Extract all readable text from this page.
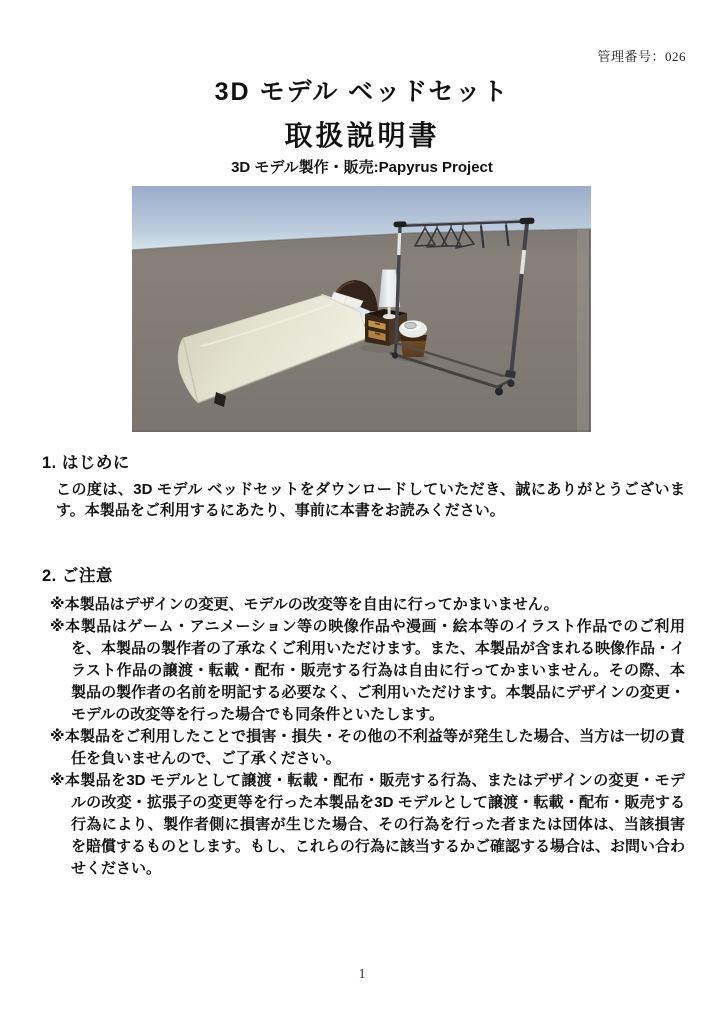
管理番号：026
3D モデル ベッドセット
取扱説明書
3D モデル製作・販売:Papyrus Project
1. はじめに

この度は、3D モデル ベッドセットをダウンロードしていただき、誠にありがとうございます。本製品をご利用するにあたり、事前に本書をお読みください。

2. ご注意

※本製品はデザインの変更、モデルの改変等を自由に行ってかまいません。

※本製品はゲーム・アニメーション等の映像作品や漫画・絵本等のイラスト作品でのご利用を、本製品の製作者の了承なくご利用いただけます。また、本製品が含まれる映像作品・イラスト作品の譲渡・転載・配布・販売する行為は自由に行ってかまいません。その際、本製品の製作者の名前を明記する必要なく、ご利用いただけます。本製品にデザインの変更・モデルの改変等を行った場合でも同条件といたします。

※本製品をご利用したことで損害・損失・その他の不利益等が発生した場合、当方は一切の責任を負いませんので、ご了承ください。

※本製品を3D モデルとして譲渡・転載・配布・販売する行為、またはデザインの変更・モデルの改変・拡張子の変更等を行った本製品を3D モデルとして譲渡・転載・配布・販売する行為により、製作者側に損害が生じた場合、その行為を行った者または団体は、当該損害を賠償するものとします。もし、これらの行為に該当するかご確認する場合は、お問い合わせください。

1
